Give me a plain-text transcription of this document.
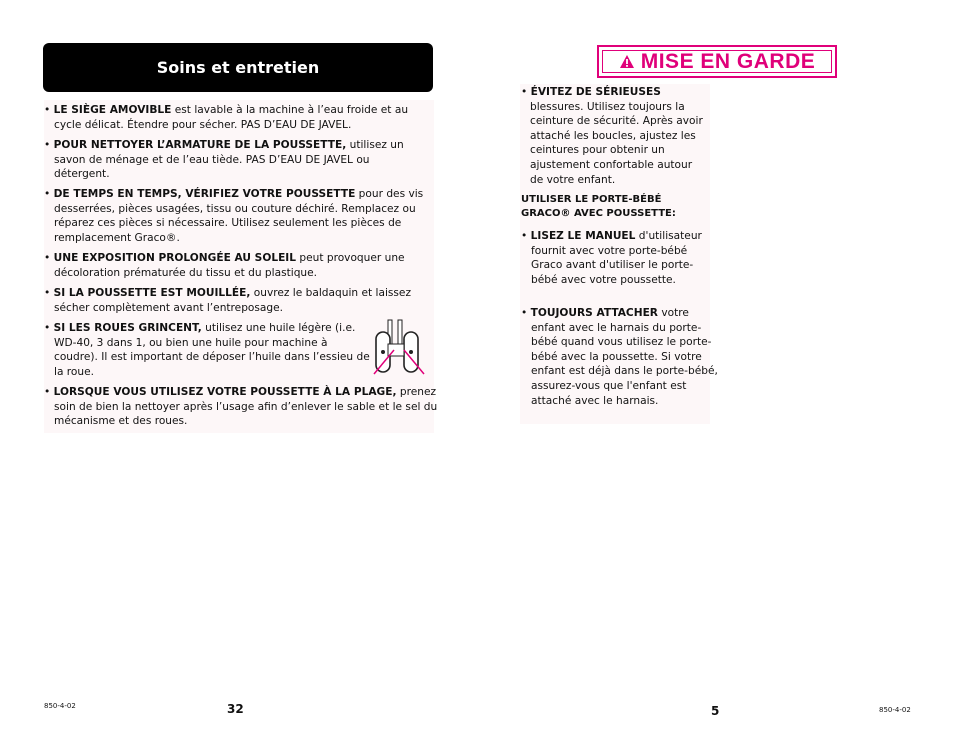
Soins et entretien
• LE SIÈGE AMOVIBLE est lavable à la machine à l’eau froide et au cycle délicat. Étendre pour sécher. PAS D’EAU DE JAVEL.
• POUR NETTOYER L’ARMATURE DE LA POUSSETTE, utilisez un savon de ménage et de l’eau tiède. PAS D’EAU DE JAVEL ou détergent.
• DE TEMPS EN TEMPS, VÉRIFIEZ VOTRE POUSSETTE pour des vis desserrées, pièces usagées, tissu ou couture déchiré. Remplacez ou réparez ces pièces si nécessaire. Utilisez seulement les pièces de remplacement Graco®.
• UNE EXPOSITION PROLONGÉE AU SOLEIL peut provoquer une décoloration prématurée du tissu et du plastique.
• SI LA POUSSETTE EST MOUILLÉE, ouvrez le baldaquin et laissez sécher complètement avant l’entreposage.
• SI LES ROUES GRINCENT, utilisez une huile légère (i.e. WD-40, 3 dans 1, ou bien une huile pour machine à coudre). Il est important de déposer l’huile dans l’essieu de la roue.
• LORSQUE VOUS UTILISEZ VOTRE POUSSETTE À LA PLAGE, prenez soin de bien la nettoyer après l’usage afin d’enlever le sable et le sel du mécanisme et des roues.
850-4-02	32
MISE EN GARDE
• ÉVITEZ DE SÉRIEUSES
blessures. Utilisez toujours la ceinture de sécurité. Après avoir attaché les boucles, ajustez les ceintures pour obtenir un ajustement confortable autour de votre enfant.
UTILISER LE PORTE-BÉBÉ
GRACO® AVEC POUSSETTE:
• LISEZ LE MANUEL d'utilisateur fournit avec votre porte-bébé Graco avant d'utiliser le porte-bébé avec votre poussette.
• TOUJOURS ATTACHER votre enfant avec le harnais du porte-bébé quand vous utilisez le porte-bébé avec la poussette. Si votre enfant est déjà dans le porte-bébé, assurez-vous que l'enfant est attaché avec le harnais.
5	850-4-02
